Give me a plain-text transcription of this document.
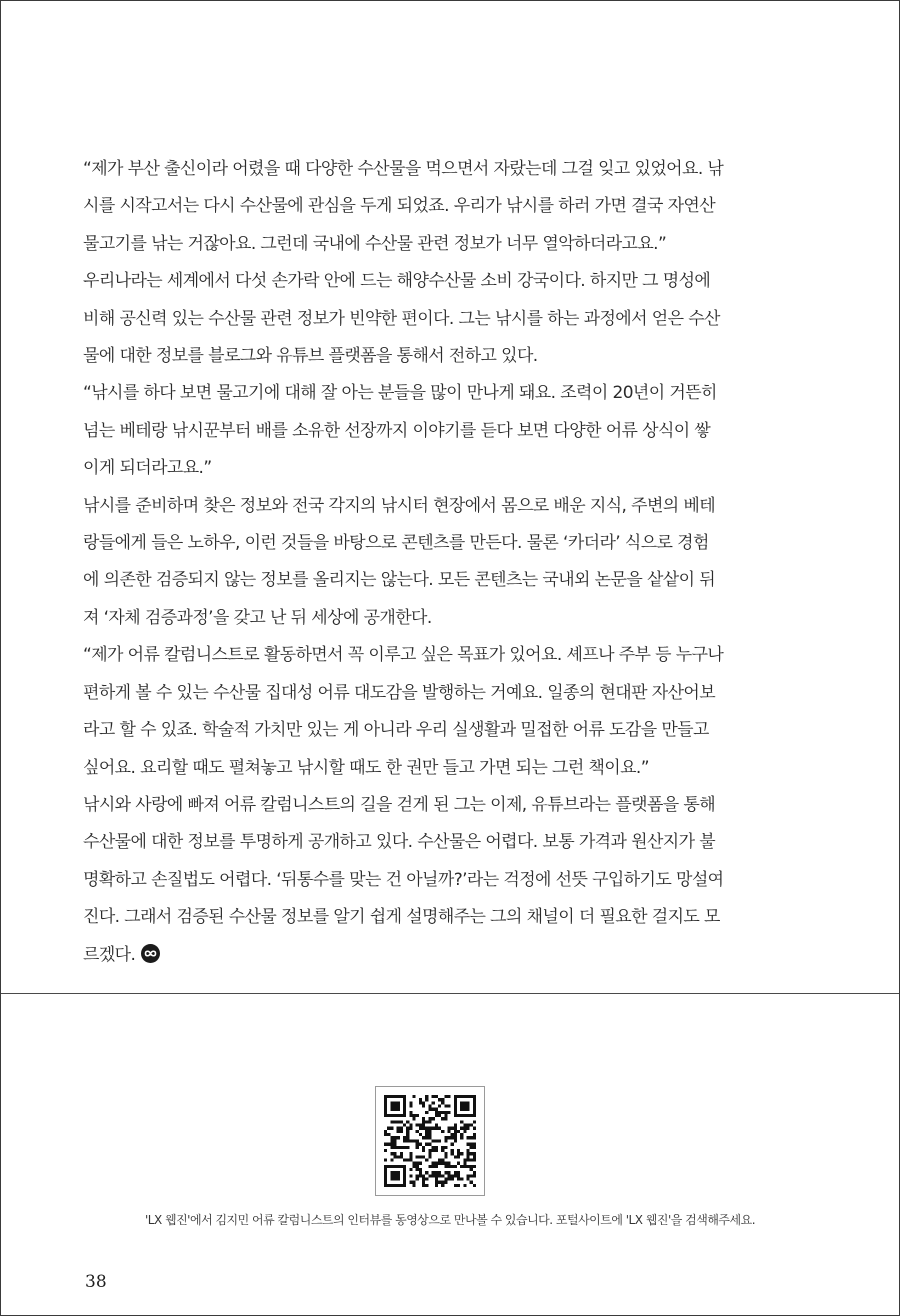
“제가 부산 출신이라 어렸을 때 다양한 수산물을 먹으면서 자랐는데 그걸 잊고 있었어요. 낚
시를 시작고서는 다시 수산물에 관심을 두게 되었죠. 우리가 낚시를 하러 가면 결국 자연산
물고기를 낚는 거잖아요. 그런데 국내에 수산물 관련 정보가 너무 열악하더라고요.”
우리나라는 세계에서 다섯 손가락 안에 드는 해양수산물 소비 강국이다. 하지만 그 명성에
비해 공신력 있는 수산물 관련 정보가 빈약한 편이다. 그는 낚시를 하는 과정에서 얻은 수산
물에 대한 정보를 블로그와 유튜브 플랫폼을 통해서 전하고 있다.
“낚시를 하다 보면 물고기에 대해 잘 아는 분들을 많이 만나게 돼요. 조력이 20년이 거뜬히
넘는 베테랑 낚시꾼부터 배를 소유한 선장까지 이야기를 듣다 보면 다양한 어류 상식이 쌓
이게 되더라고요.”
낚시를 준비하며 찾은 정보와 전국 각지의 낚시터 현장에서 몸으로 배운 지식, 주변의 베테
랑들에게 들은 노하우, 이런 것들을 바탕으로 콘텐츠를 만든다. 물론 ‘카더라’ 식으로 경험
에 의존한 검증되지 않는 정보를 올리지는 않는다. 모든 콘텐츠는 국내외 논문을 샅샅이 뒤
져 ‘자체 검증과정’을 갖고 난 뒤 세상에 공개한다.
“제가 어류 칼럼니스트로 활동하면서 꼭 이루고 싶은 목표가 있어요. 셰프나 주부 등 누구나
편하게 볼 수 있는 수산물 집대성 어류 대도감을 발행하는 거예요. 일종의 현대판 자산어보
라고 할 수 있죠. 학술적 가치만 있는 게 아니라 우리 실생활과 밀접한 어류 도감을 만들고
싶어요. 요리할 때도 펼쳐놓고 낚시할 때도 한 권만 들고 가면 되는 그런 책이요.”
낚시와 사랑에 빠져 어류 칼럼니스트의 길을 걷게 된 그는 이제, 유튜브라는 플랫폼을 통해
수산물에 대한 정보를 투명하게 공개하고 있다. 수산물은 어렵다. 보통 가격과 원산지가 불
명확하고 손질법도 어렵다. ‘뒤통수를 맞는 건 아닐까?’라는 걱정에 선뜻 구입하기도 망설여
진다. 그래서 검증된 수산물 정보를 알기 쉽게 설명해주는 그의 채널이 더 필요한 걸지도 모
르겠다.
'LX 웹진'에서 김지민 어류 칼럼니스트의 인터뷰를 동영상으로 만나볼 수 있습니다. 포털사이트에 'LX 웹진'을 검색해주세요.
38
